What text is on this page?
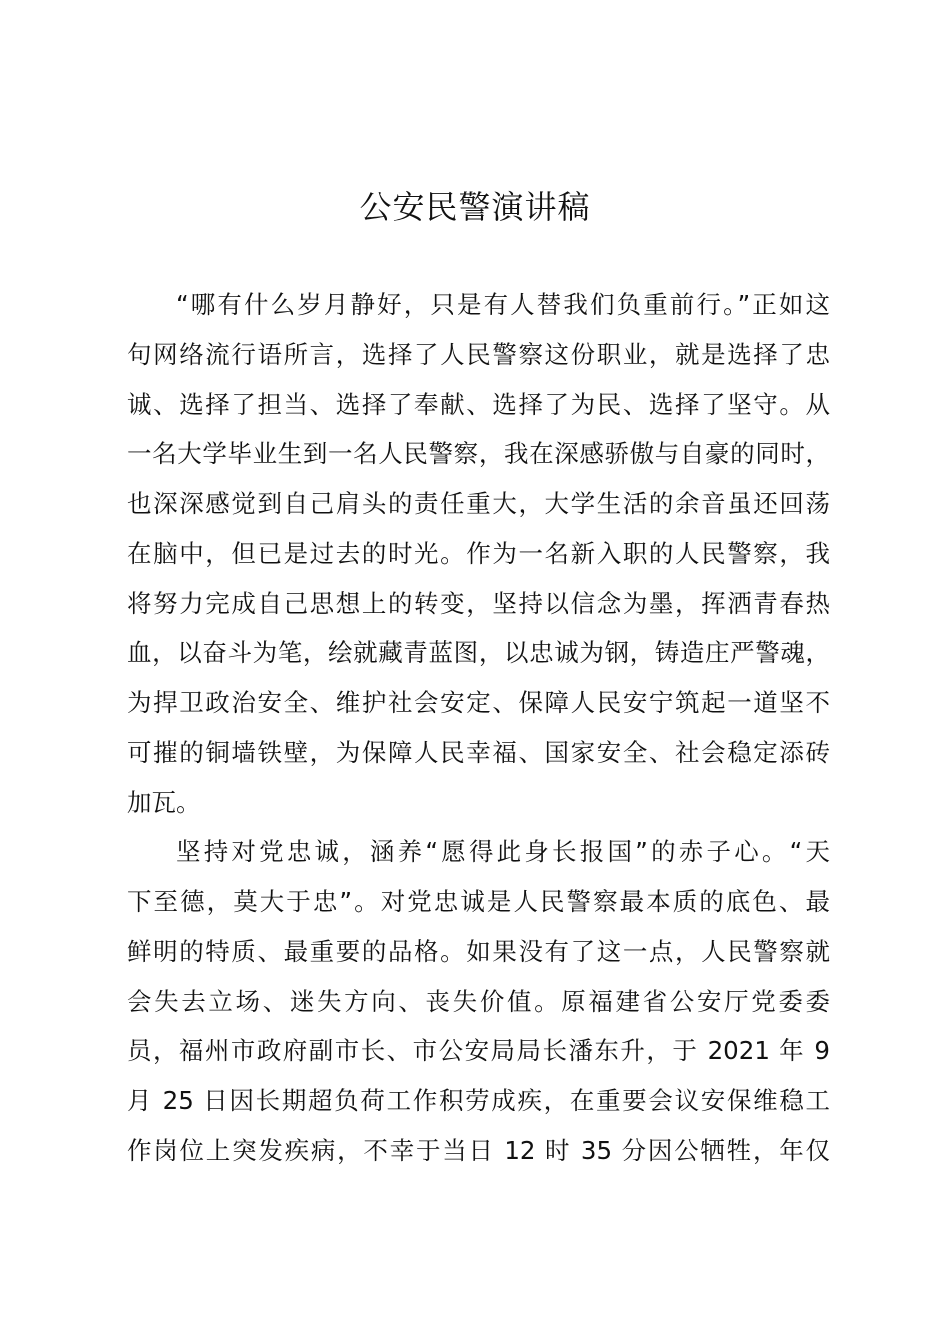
公安民警演讲稿
“哪有什么岁月静好，只是有人替我们负重前行。”正如这
句网络流行语所言，选择了人民警察这份职业，就是选择了忠
诚、选择了担当、选择了奉献、选择了为民、选择了坚守。从
一名大学毕业生到一名人民警察，我在深感骄傲与自豪的同时，
也深深感觉到自己肩头的责任重大，大学生活的余音虽还回荡
在脑中，但已是过去的时光。作为一名新入职的人民警察，我
将努力完成自己思想上的转变，坚持以信念为墨，挥洒青春热
血，以奋斗为笔，绘就藏青蓝图，以忠诚为钢，铸造庄严警魂，
为捍卫政治安全、维护社会安定、保障人民安宁筑起一道坚不
可摧的铜墙铁壁，为保障人民幸福、国家安全、社会稳定添砖
加瓦。
坚持对党忠诚，涵养“愿得此身长报国”的赤子心。“天
下至德，莫大于忠”。对党忠诚是人民警察最本质的底色、最
鲜明的特质、最重要的品格。如果没有了这一点，人民警察就
会失去立场、迷失方向、丧失价值。原福建省公安厅党委委
员，福州市政府副市长、市公安局局长潘东升，于 2021 年 9
月 25 日因长期超负荷工作积劳成疾，在重要会议安保维稳工
作岗位上突发疾病，不幸于当日 12 时 35 分因公牺牲，年仅
